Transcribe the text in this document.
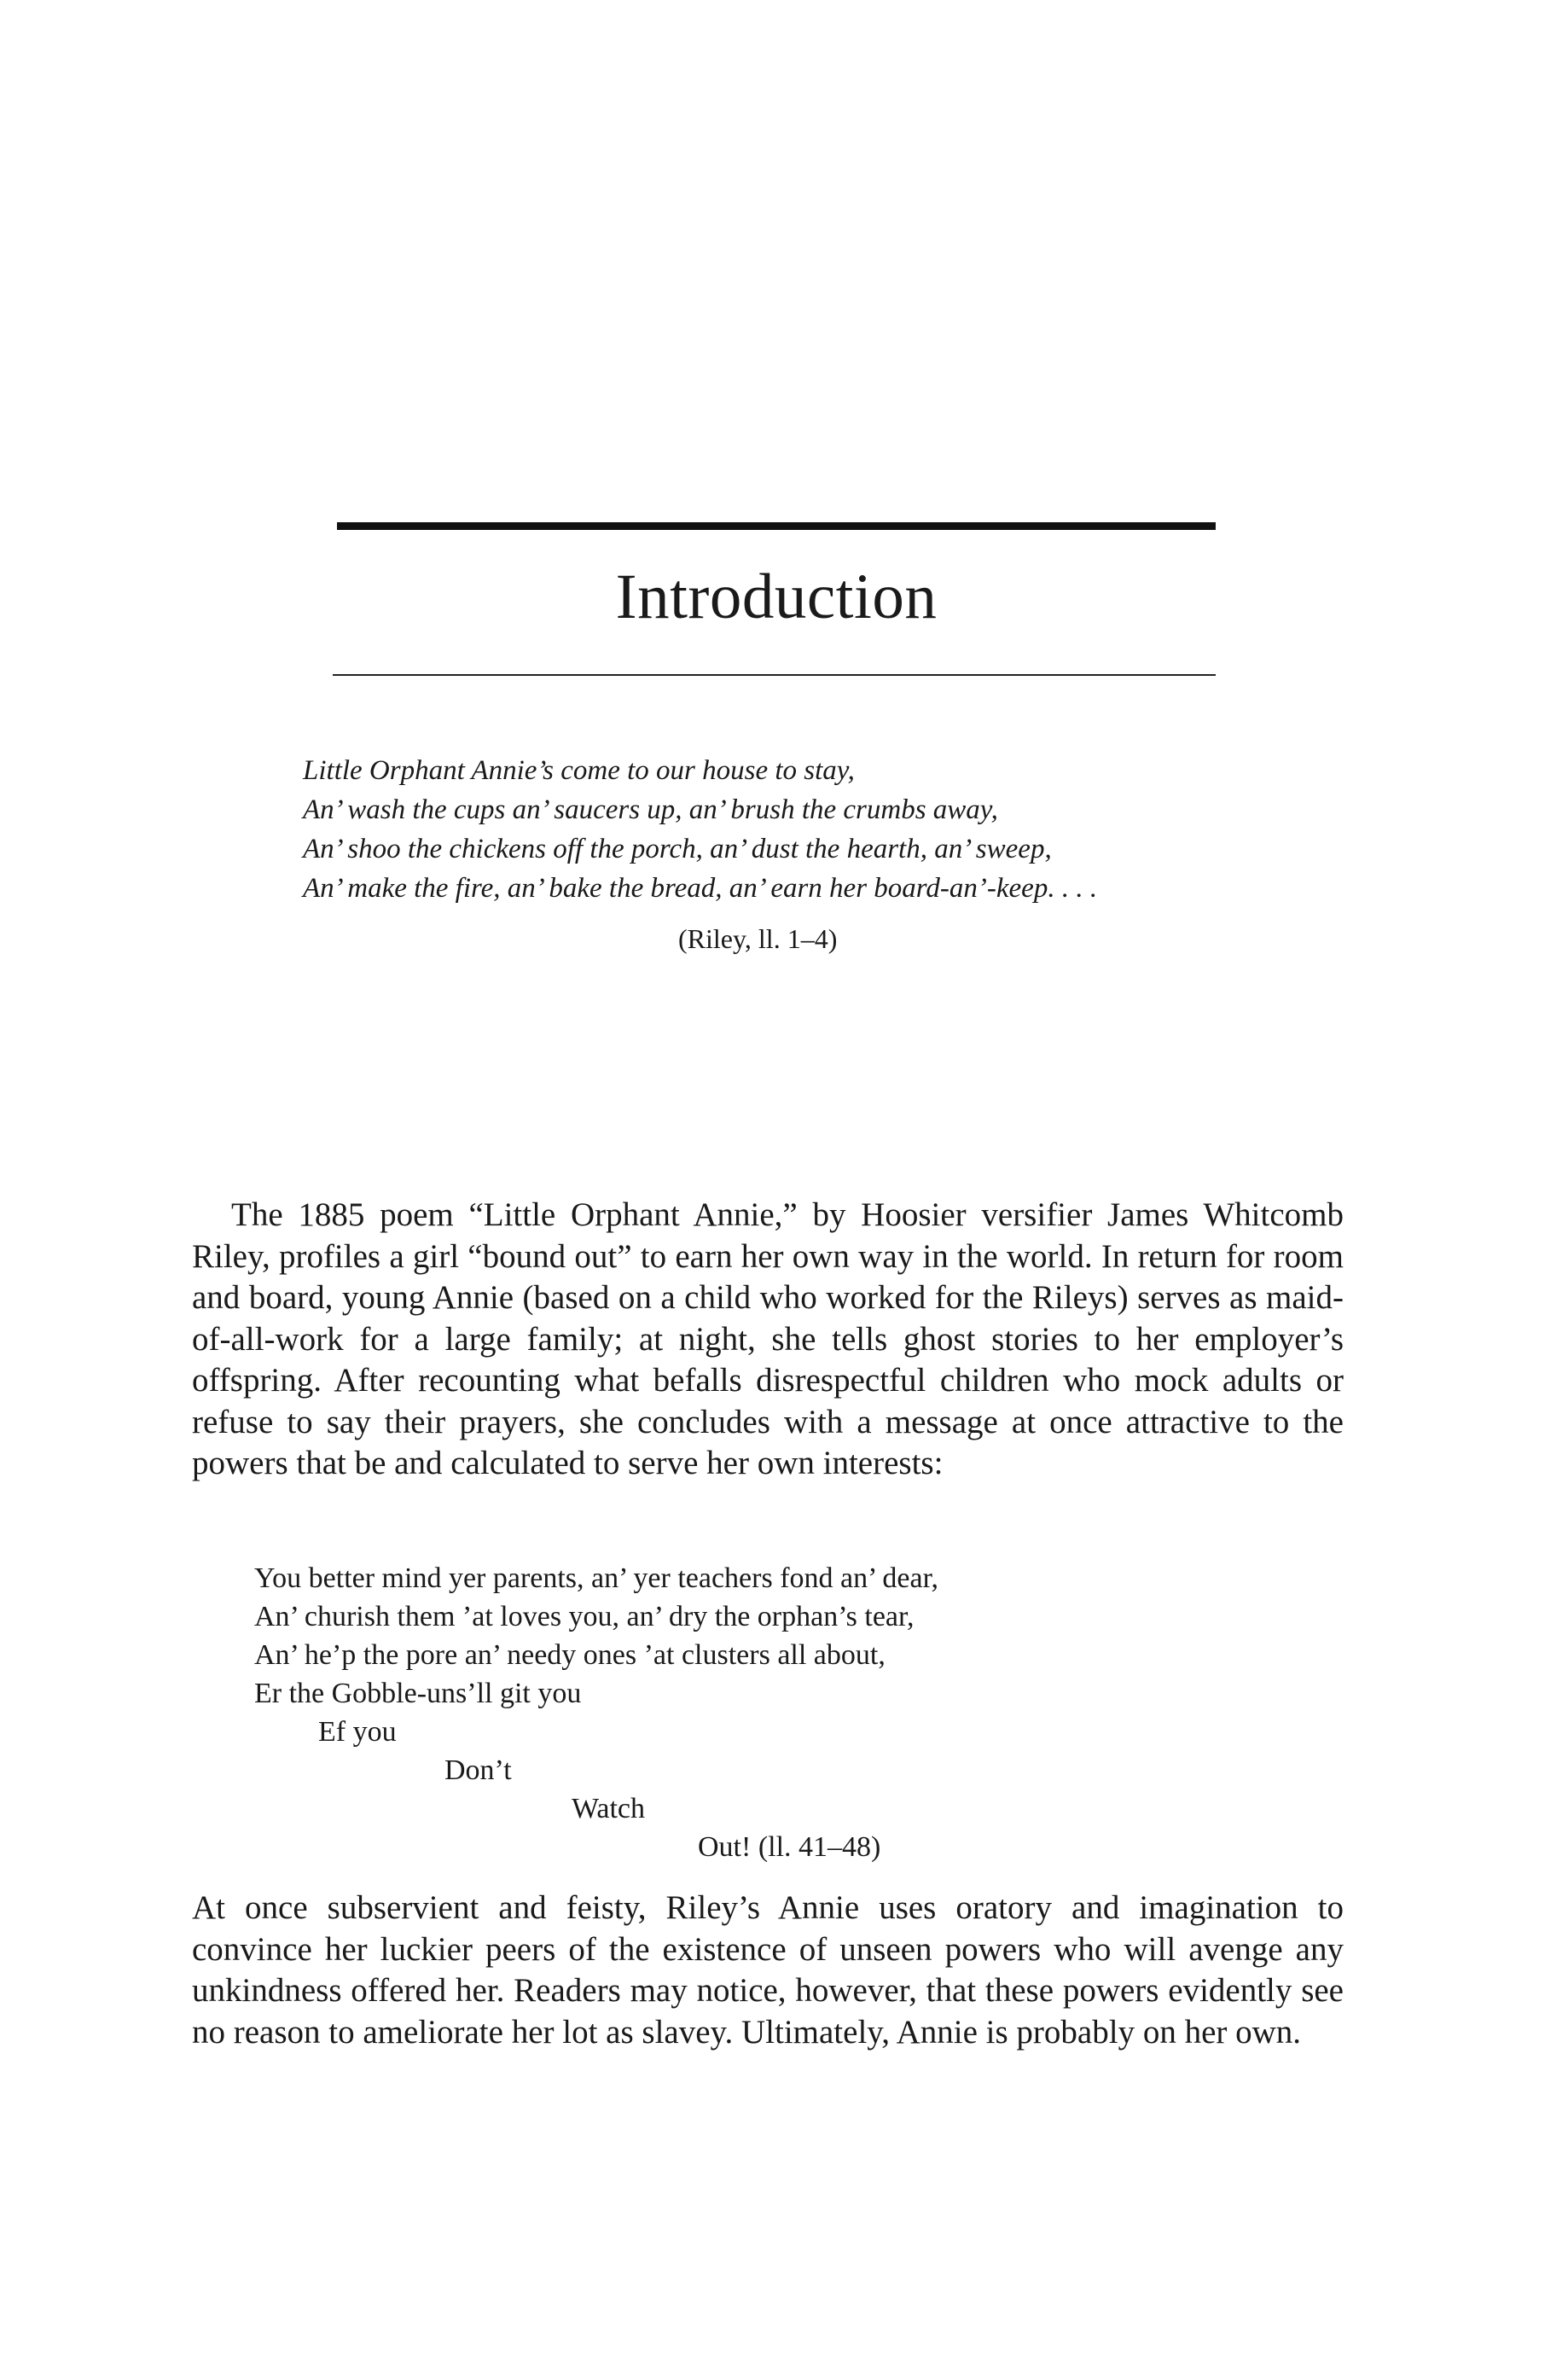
Introduction
Little Orphant Annie’s come to our house to stay,
An’ wash the cups an’ saucers up, an’ brush the crumbs away,
An’ shoo the chickens off the porch, an’ dust the hearth, an’ sweep,
An’ make the fire, an’ bake the bread, an’ earn her board-an’-keep. . . .
(Riley, ll. 1–4)

The 1885 poem “Little Orphant Annie,” by Hoosier versifier James Whitcomb Riley, profiles a girl “bound out” to earn her own way in the world. In return for room and board, young Annie (based on a child who worked for the Rileys) serves as maid-of-all-work for a large family; at night, she tells ghost stories to her employer’s offspring. After recounting what befalls disrespectful children who mock adults or refuse to say their prayers, she concludes with a message at once attractive to the powers that be and calculated to serve her own interests:

You better mind yer parents, an’ yer teachers fond an’ dear,
An’ churish them ’at loves you, an’ dry the orphan’s tear,
An’ he’p the pore an’ needy ones ’at clusters all about,
Er the Gobble-uns’ll git you
Ef you
Don’t
Watch
Out! (ll. 41–48)

At once subservient and feisty, Riley’s Annie uses oratory and imagination to convince her luckier peers of the existence of unseen powers who will avenge any unkindness offered her. Readers may notice, however, that these powers evidently see no reason to ameliorate her lot as slavey. Ultimately, Annie is probably on her own.
